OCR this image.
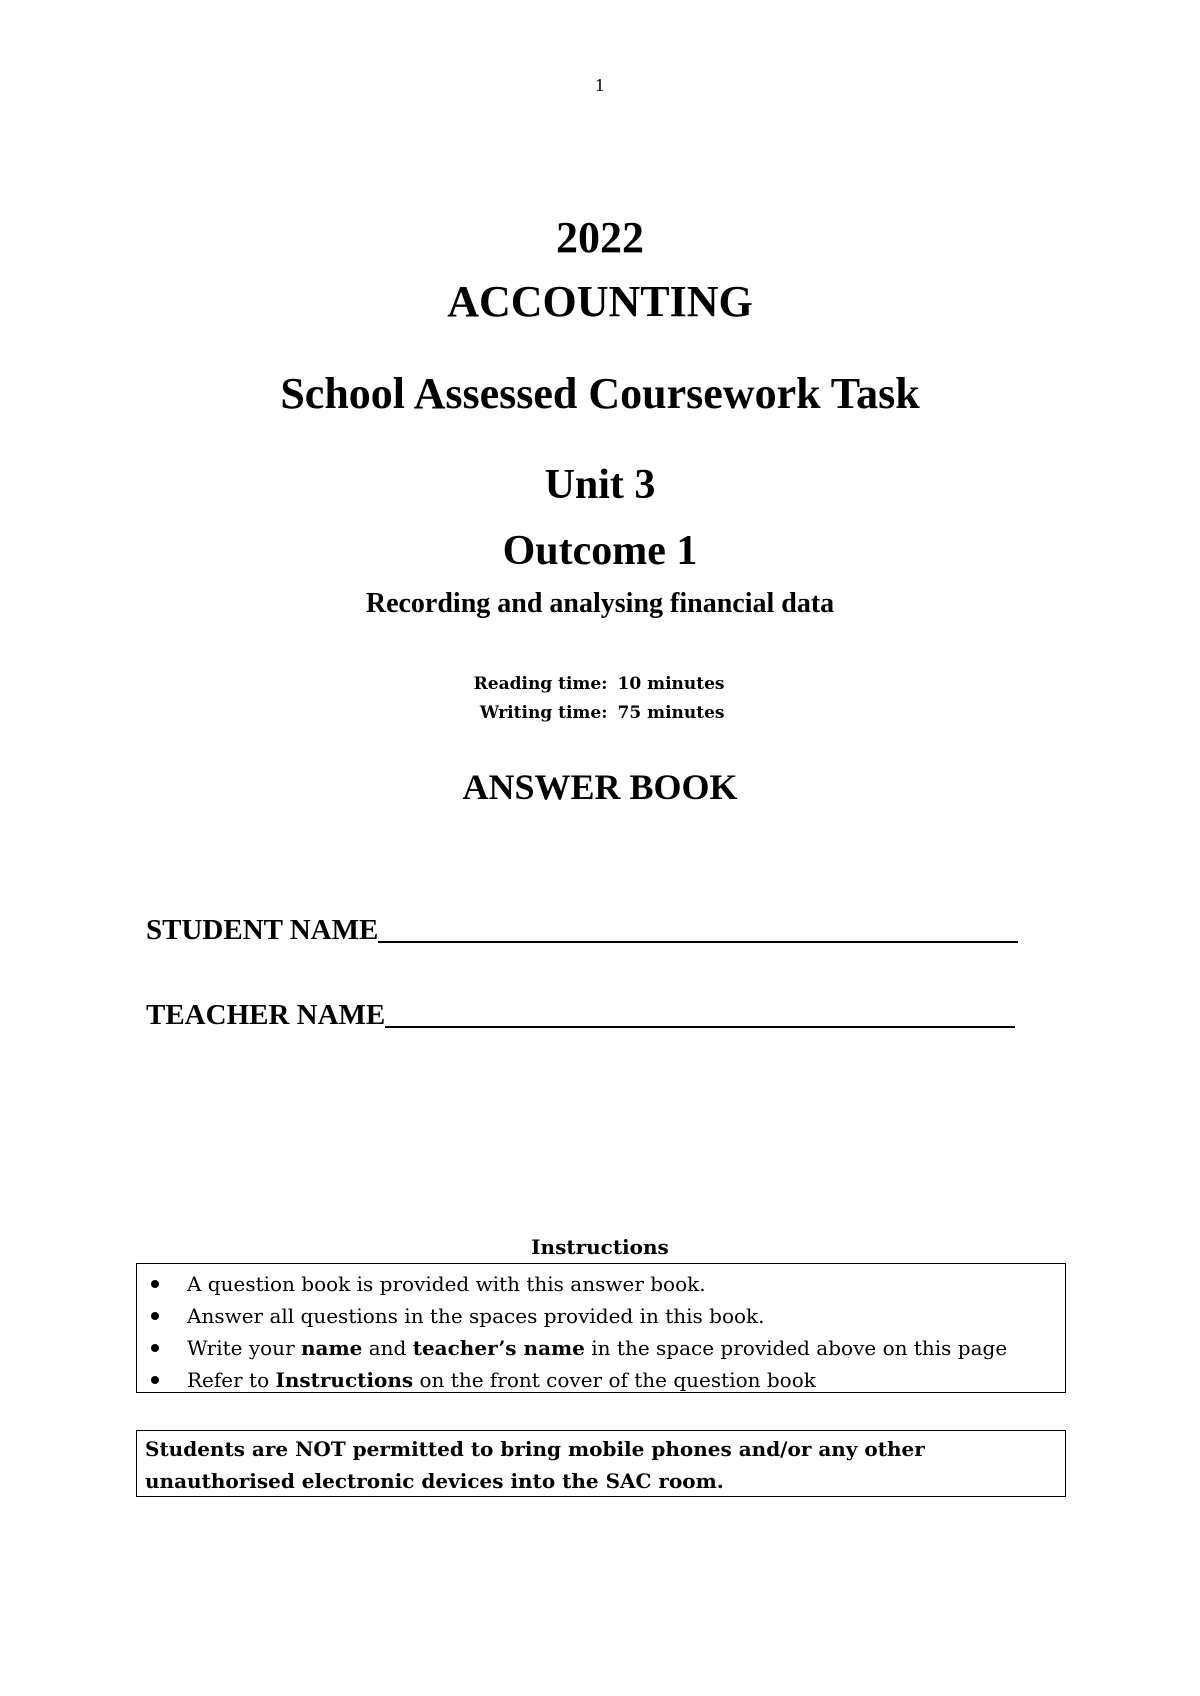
1
2022
ACCOUNTING
School Assessed Coursework Task
Unit 3
Outcome 1
Recording and analysing financial data
Reading time: 10 minutes
Writing time: 75 minutes
ANSWER BOOK
STUDENT NAME
TEACHER NAME
Instructions
A question book is provided with this answer book.
Answer all questions in the spaces provided in this book.
Write your name and teacher’s name in the space provided above on this page
Refer to Instructions on the front cover of the question book
Students are NOT permitted to bring mobile phones and/or any other unauthorised electronic devices into the SAC room.
